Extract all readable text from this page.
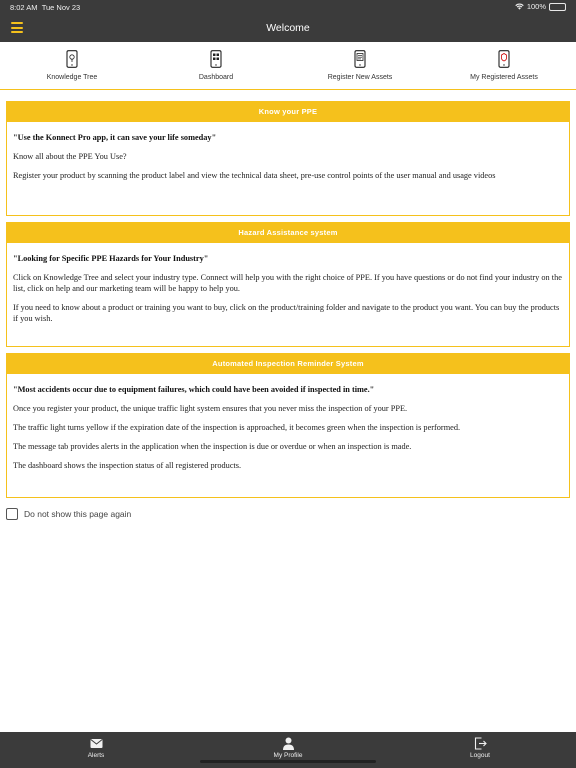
8:02 AM Tue Nov 23	100%
Welcome
Knowledge Tree	Dashboard	Register New Assets	My Registered Assets
Know your PPE

"Use the Konnect Pro app, it can save your life someday"

Know all about the PPE You Use?

Register your product by scanning the product label and view the technical data sheet, pre-use control points of the user manual and usage videos

Hazard Assistance system

"Looking for Specific PPE Hazards for Your Industry"

Click on Knowledge Tree and select your industry type. Connect will help you with the right choice of PPE. If you have questions or do not find your industry on the list, click on help and our marketing team will be happy to help you.

If you need to know about a product or training you want to buy, click on the product/training folder and navigate to the product you want. You can buy the products if you wish.

Automated Inspection Reminder System

"Most accidents occur due to equipment failures, which could have been avoided if inspected in time."

Once you register your product, the unique traffic light system ensures that you never miss the inspection of your PPE.

The traffic light turns yellow if the expiration date of the inspection is approached, it becomes green when the inspection is performed.

The message tab provides alerts in the application when the inspection is due or overdue or when an inspection is made.

The dashboard shows the inspection status of all registered products.

Do not show this page again
Alerts	My Profile	Logout
